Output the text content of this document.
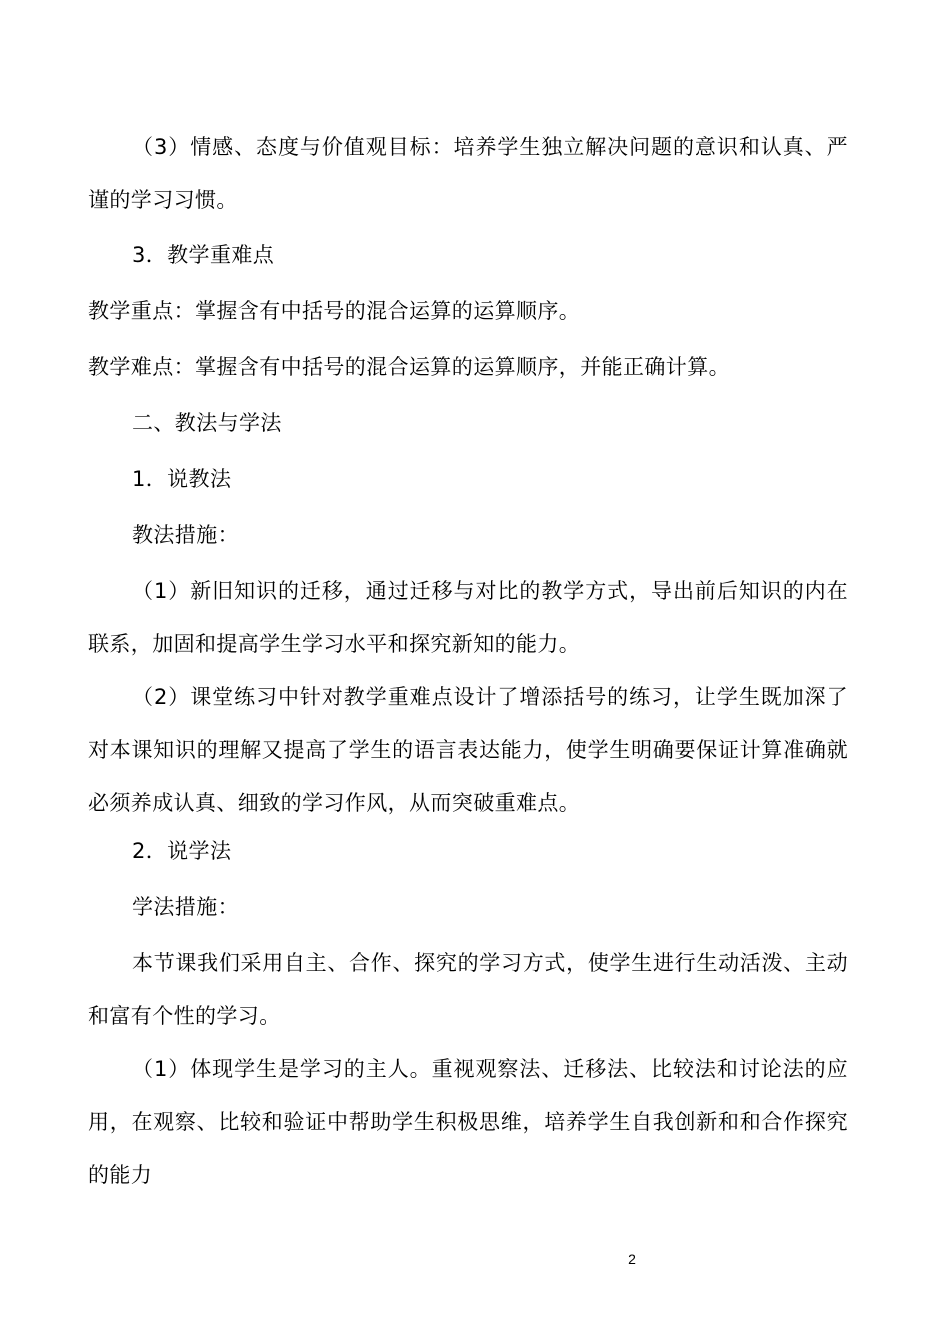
（3）情感、态度与价值观目标：培养学生独立解决问题的意识和认真、严谨的学习习惯。

3．教学重难点

教学重点：掌握含有中括号的混合运算的运算顺序。

教学难点：掌握含有中括号的混合运算的运算顺序，并能正确计算。

二、教法与学法

1．说教法

教法措施：

（1）新旧知识的迁移，通过迁移与对比的教学方式，导出前后知识的内在联系，加固和提高学生学习水平和探究新知的能力。

（2）课堂练习中针对教学重难点设计了增添括号的练习，让学生既加深了对本课知识的理解又提高了学生的语言表达能力，使学生明确要保证计算准确就必须养成认真、细致的学习作风，从而突破重难点。

2．说学法

学法措施：

本节课我们采用自主、合作、探究的学习方式，使学生进行生动活泼、主动和富有个性的学习。

（1）体现学生是学习的主人。重视观察法、迁移法、比较法和讨论法的应用，在观察、比较和验证中帮助学生积极思维，培养学生自我创新和和合作探究的能力

2
